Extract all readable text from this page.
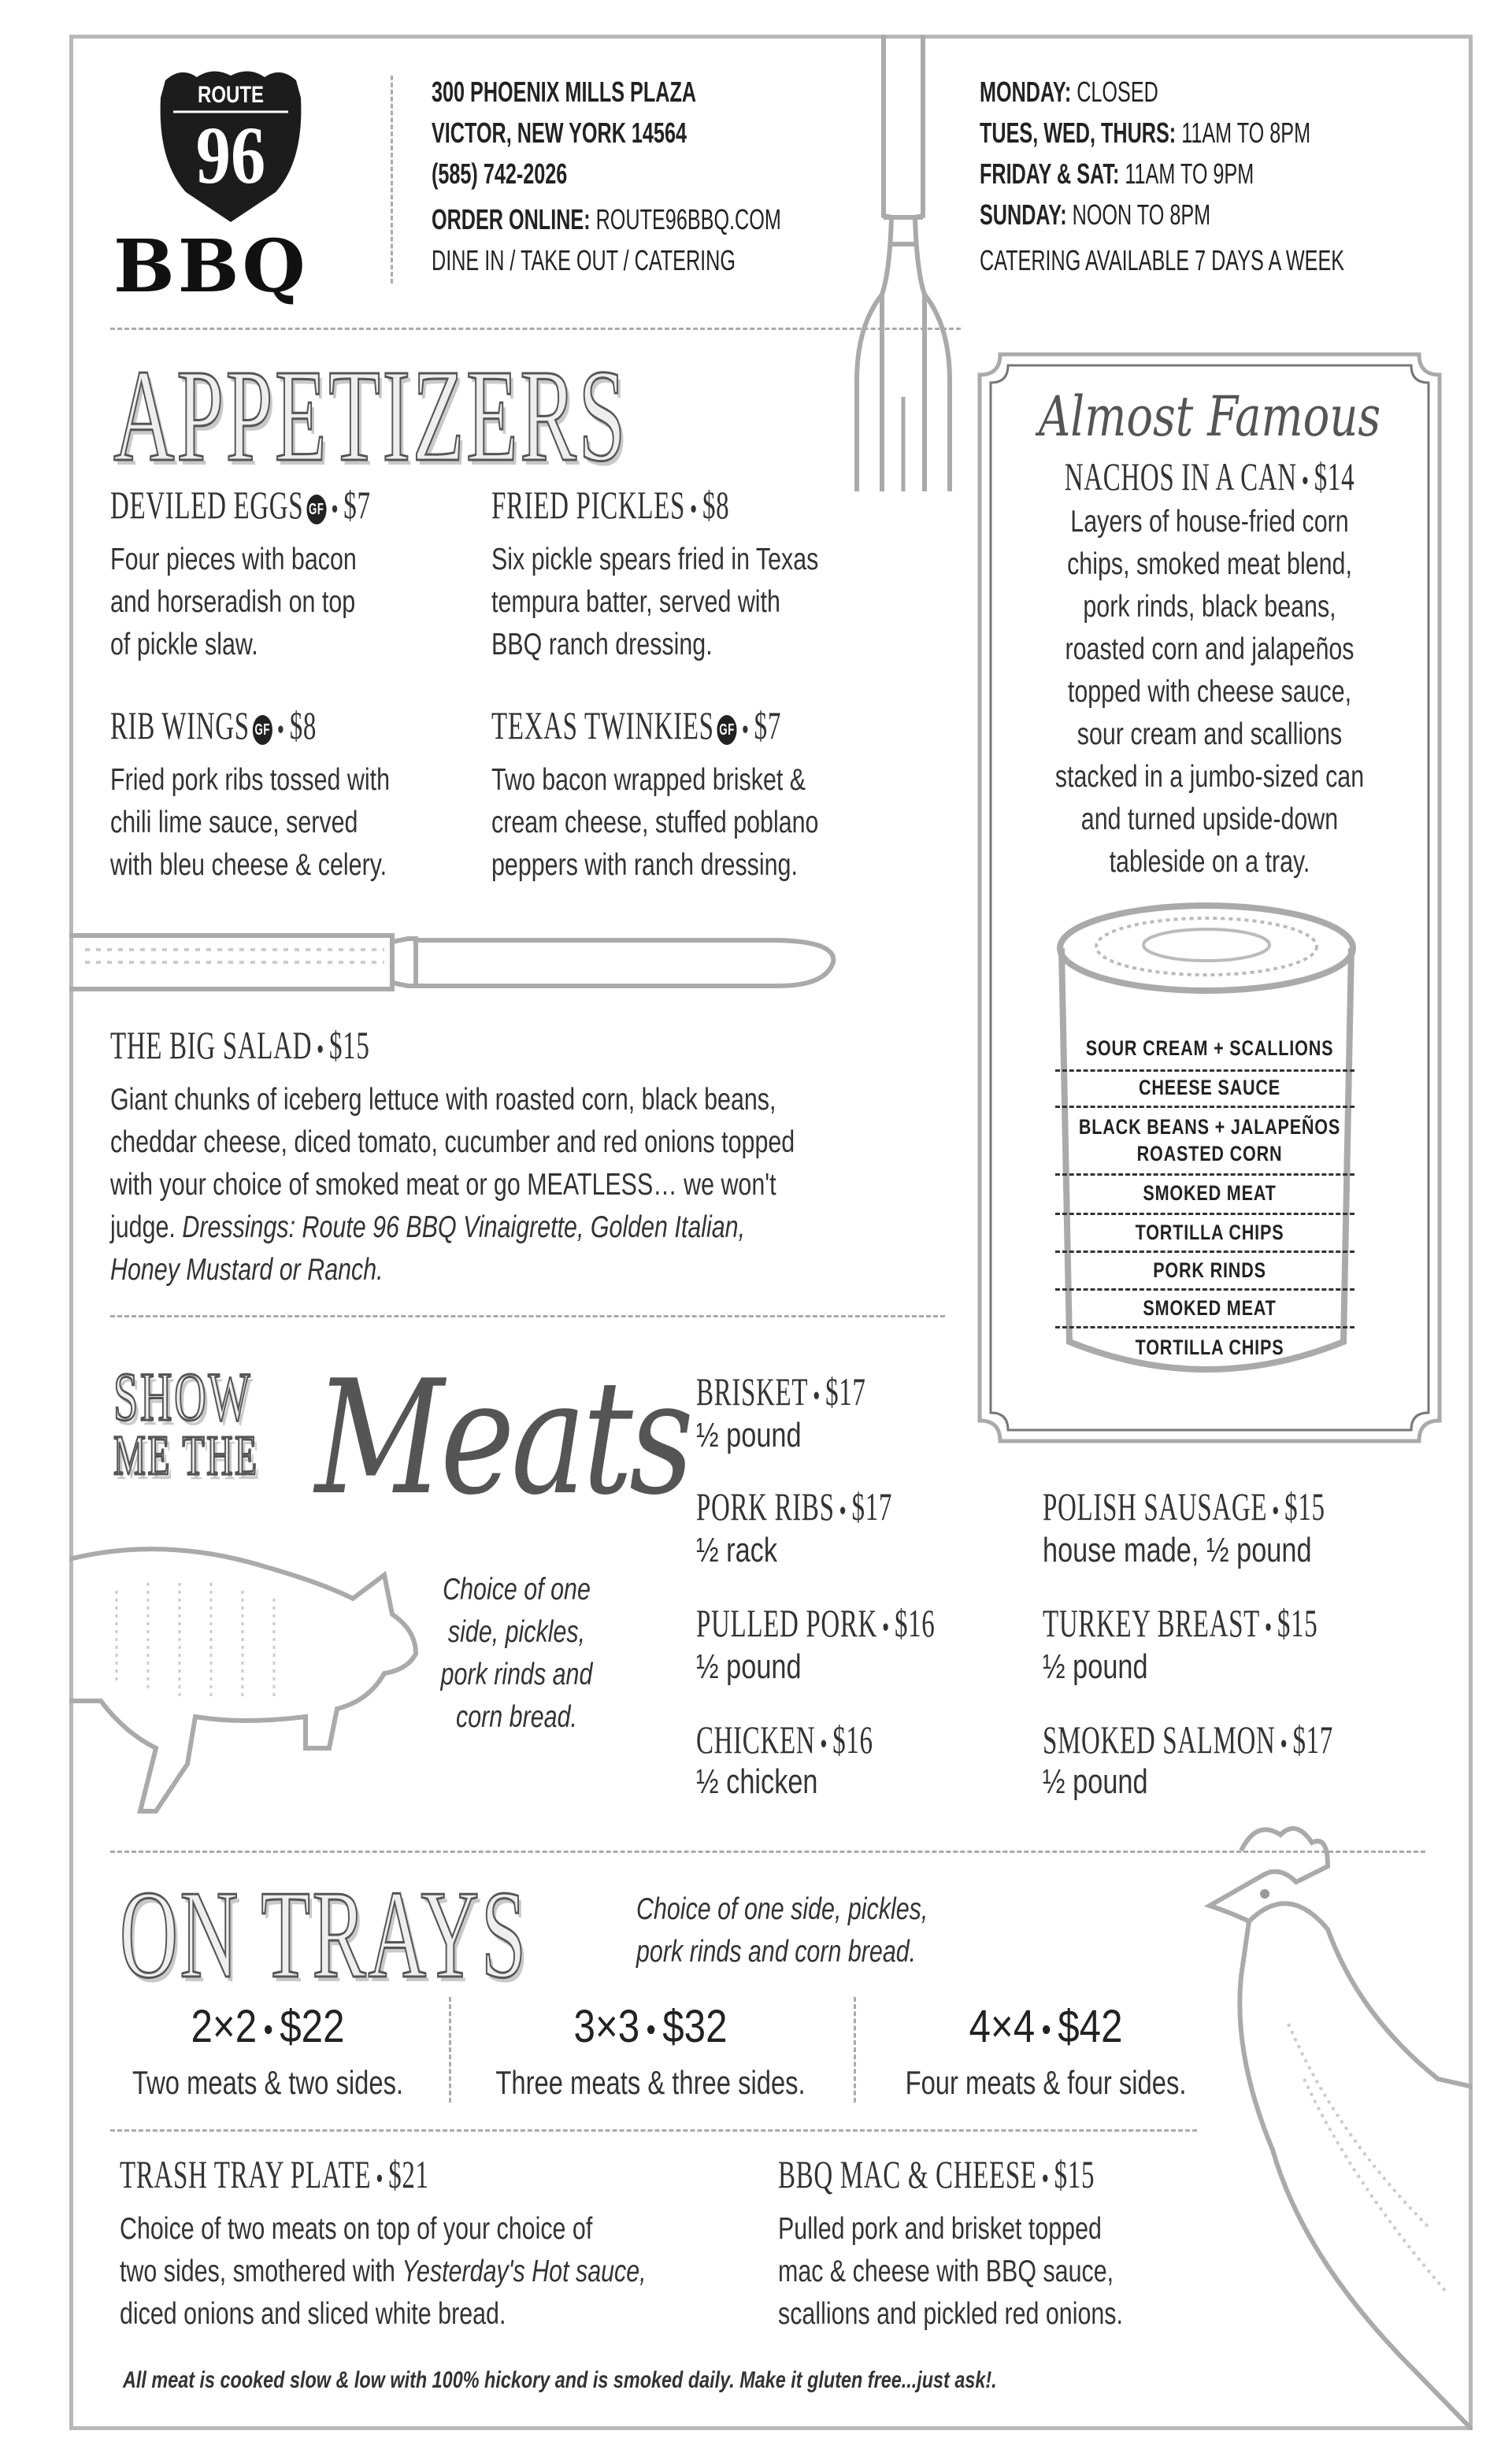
ROUTE
96
BBQ
300 PHOENIX MILLS PLAZA
VICTOR, NEW YORK 14564
(585) 742-2026
ORDER ONLINE: ROUTE96BBQ.COM
DINE IN / TAKE OUT / CATERING
MONDAY: CLOSED
TUES, WED, THURS: 11AM TO 8PM
FRIDAY & SAT: 11AM TO 9PM
SUNDAY: NOON TO 8PM
CATERING AVAILABLE 7 DAYS A WEEK
APPETIZERS
DEVILED EGGS GF • $7
Four pieces with bacon
and horseradish on top
of pickle slaw.
FRIED PICKLES • $8
Six pickle spears fried in Texas
tempura batter, served with
BBQ ranch dressing.
RIB WINGS GF • $8
Fried pork ribs tossed with
chili lime sauce, served
with bleu cheese & celery.
TEXAS TWINKIES GF • $7
Two bacon wrapped brisket &
cream cheese, stuffed poblano
peppers with ranch dressing.
THE BIG SALAD • $15
Giant chunks of iceberg lettuce with roasted corn, black beans,
cheddar cheese, diced tomato, cucumber and red onions topped
with your choice of smoked meat or go MEATLESS… we won't
judge. Dressings: Route 96 BBQ Vinaigrette, Golden Italian,
Honey Mustard or Ranch.
Almost Famous
NACHOS IN A CAN • $14
Layers of house-fried corn
chips, smoked meat blend,
pork rinds, black beans,
roasted corn and jalapeños
topped with cheese sauce,
sour cream and scallions
stacked in a jumbo-sized can
and turned upside-down
tableside on a tray.
SOUR CREAM + SCALLIONS
CHEESE SAUCE
BLACK BEANS + JALAPEÑOS
ROASTED CORN
SMOKED MEAT
TORTILLA CHIPS
PORK RINDS
SMOKED MEAT
TORTILLA CHIPS
SHOW
ME THE Meats
Choice of one
side, pickles,
pork rinds and
corn bread.
BRISKET • $17
½ pound
PORK RIBS • $17
½ rack
PULLED PORK • $16
½ pound
CHICKEN • $16
½ chicken
POLISH SAUSAGE • $15
house made, ½ pound
TURKEY BREAST • $15
½ pound
SMOKED SALMON • $17
½ pound
ON TRAYS	Choice of one side, pickles,
pork rinds and corn bread.
2×2 • $22
Two meats & two sides.
3×3 • $32
Three meats & three sides.
4×4 • $42
Four meats & four sides.
TRASH TRAY PLATE • $21
Choice of two meats on top of your choice of
two sides, smothered with Yesterday's Hot sauce,
diced onions and sliced white bread.
BBQ MAC & CHEESE • $15
Pulled pork and brisket topped
mac & cheese with BBQ sauce,
scallions and pickled red onions.
All meat is cooked slow & low with 100% hickory and is smoked daily. Make it gluten free...just ask!.
